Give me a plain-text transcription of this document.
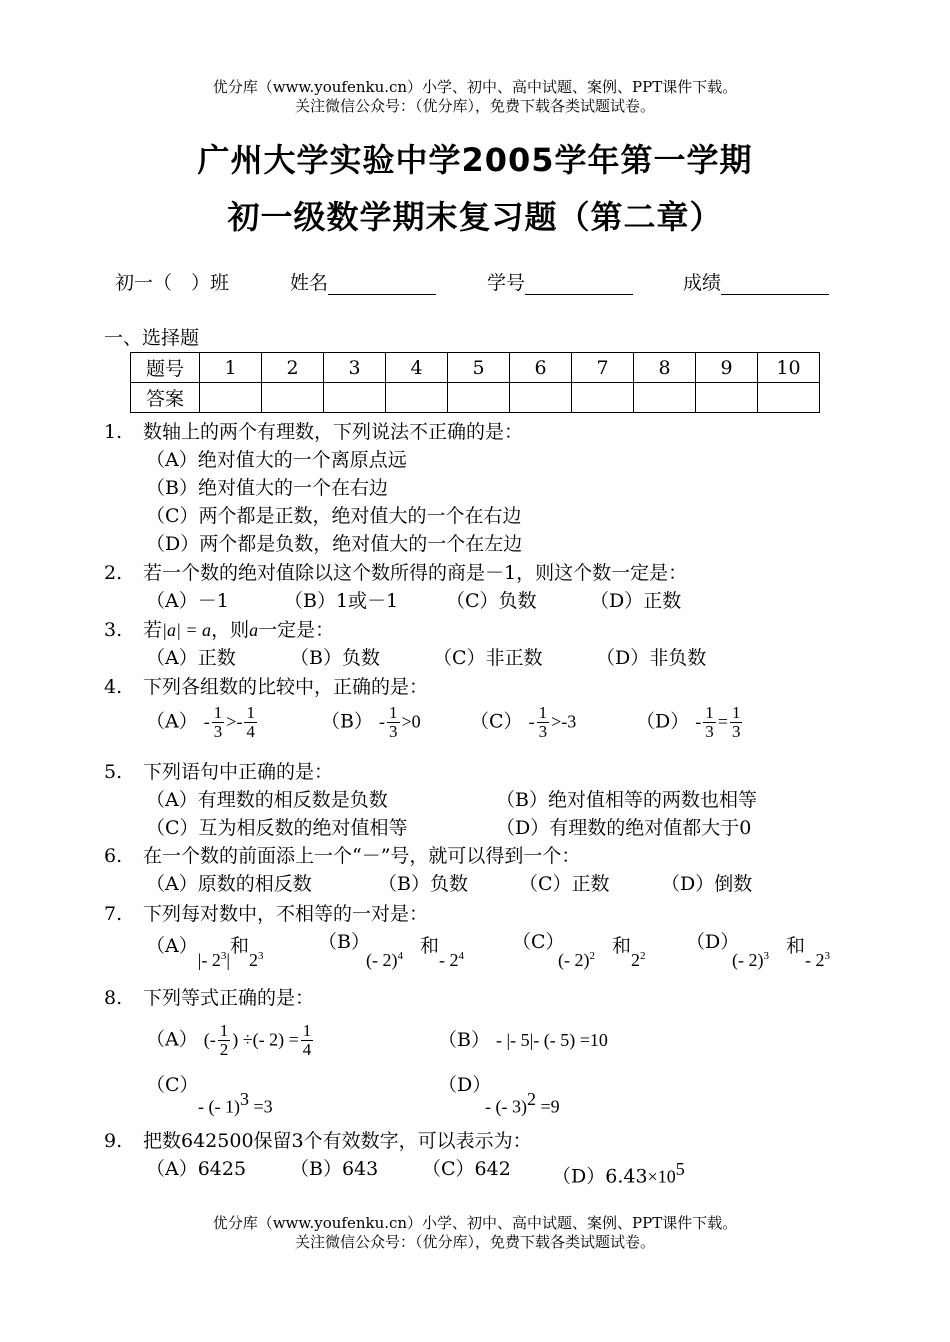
优分库（www.youfenku.cn）小学、初中、高中试题、案例、PPT课件下载。
关注微信公众号：（优分库），免费下载各类试题试卷。
广州大学实验中学2005学年第一学期
初一级数学期末复习题（第二章）
初一（　）班	姓名	学号	成绩
一、选择题
题号	1	2	3	4	5	6	7	8	9	10
答案										
1. 数轴上的两个有理数，下列说法不正确的是：
（A）绝对值大的一个离原点远
（B）绝对值大的一个在右边
（C）两个都是正数，绝对值大的一个在右边
（D）两个都是负数，绝对值大的一个在左边
2. 若一个数的绝对值除以这个数所得的商是－1，则这个数一定是：
（A）－1	（B）1或－1	（C）负数	（D）正数
3. 若|a| = a，则a一定是：
（A）正数	（B）负数	（C）非正数	（D）非负数
4. 下列各组数的比较中，正确的是：
$(A) - \frac{1}{3} >- \frac{1}{4}$	$(B) - \frac{1}{3} >0$	$(C) - \frac{1}{3} >-3$	$(D) - \frac{1}{3} = \frac{1}{3}$
5. 下列语句中正确的是：
（A）有理数的相反数是负数	（B）绝对值相等的两数也相等
（C）互为相反数的绝对值相等	（D）有理数的绝对值都大于0
6. 在一个数的前面添上一个“－”号，就可以得到一个：
（A）原数的相反数	（B）负数	（C）正数	（D）倒数
7. 下列每对数中，不相等的一对是：
（A）|- $2^3|$和$2^3$
（B）
(- 2)$^4$ 和- $2^4$
（C）
(- 2)$^2$ 和$2^2$
（D）
(- 2)$^3$ 和- $2^3$
8. 下列等式正确的是：
（A） (- $\frac{1}{2}$ ) ÷(- $2) = \frac{1}{4}$	（B） - |- 5|- (- 5) =10
（C）
- (- 1)$^3$ =3
（D）
- (- 3)$^2$ =9
9. 把数642500保留3个有效数字，可以表示为：
（A）6425 （B）643 （C）642 $(D)6.43\times 10^5$
优分库（www.youfenku.cn）小学、初中、高中试题、案例、PPT课件下载。
关注微信公众号：（优分库），免费下载各类试题试卷。
